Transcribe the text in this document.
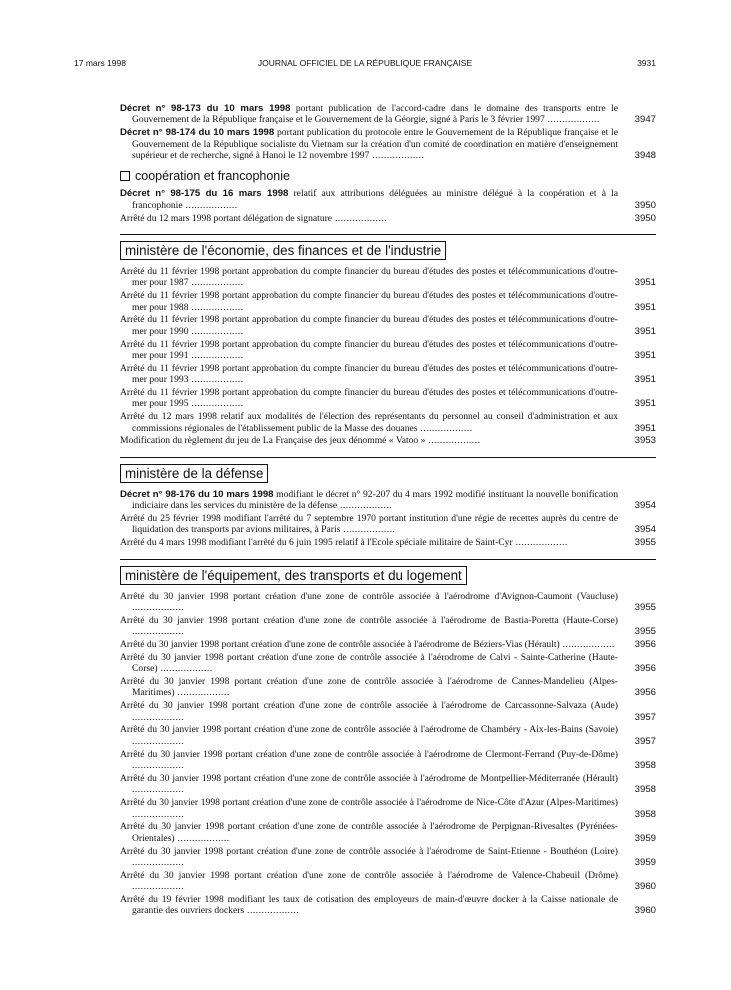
17 mars 1998	JOURNAL OFFICIEL DE LA RÉPUBLIQUE FRANÇAISE	3931
Décret n° 98-173 du 10 mars 1998 portant publication de l'accord-cadre dans le domaine des transports entre le Gouvernement de la République française et le Gouvernement de la Géorgie, signé à Paris le 3 février 1997 ..................	3947
Décret n° 98-174 du 10 mars 1998 portant publication du protocole entre le Gouvernement de la République française et le Gouvernement de la République socialiste du Vietnam sur la création d'un comité de coordination en matière d'enseignement supérieur et de recherche, signé à Hanoi le 12 novembre 1997 ..................	3948
coopération et francophonie
Décret n° 98-175 du 16 mars 1998 relatif aux attributions déléguées au ministre délégué à la coopération et à la francophonie ..................	3950
Arrêté du 12 mars 1998 portant délégation de signature ..................	3950
ministère de l'économie, des finances et de l'industrie
Arrêté du 11 février 1998 portant approbation du compte financier du bureau d'études des postes et télécommunications d'outre-mer pour 1987 ..................	3951
Arrêté du 11 février 1998 portant approbation du compte financier du bureau d'études des postes et télécommunications d'outre-mer pour 1988 ..................	3951
Arrêté du 11 février 1998 portant approbation du compte financier du bureau d'études des postes et télécommunications d'outre-mer pour 1990 ..................	3951
Arrêté du 11 février 1998 portant approbation du compte financier du bureau d'études des postes et télécommunications d'outre-mer pour 1991 ..................	3951
Arrêté du 11 février 1998 portant approbation du compte financier du bureau d'études des postes et télécommunications d'outre-mer pour 1993 ..................	3951
Arrêté du 11 février 1998 portant approbation du compte financier du bureau d'études des postes et télécommunications d'outre-mer pour 1995 ..................	3951
Arrêté du 12 mars 1998 relatif aux modalités de l'élection des représentants du personnel au conseil d'administration et aux commissions régionales de l'établissement public de la Masse des douanes ..................	3951
Modification du règlement du jeu de La Française des jeux dénommé « Vatoo » ..................	3953
ministère de la défense
Décret n° 98-176 du 10 mars 1998 modifiant le décret n° 92-207 du 4 mars 1992 modifié instituant la nouvelle bonification indiciaire dans les services du ministère de la défense ..................	3954
Arrêté du 25 février 1998 modifiant l'arrêté du 7 septembre 1970 portant institution d'une régie de recettes auprès du centre de liquidation des transports par avions militaires, à Paris ..................	3954
Arrêté du 4 mars 1998 modifiant l'arrêté du 6 juin 1995 relatif à l'Ecole spéciale militaire de Saint-Cyr ..................	3955
ministère de l'équipement, des transports et du logement
Arrêté du 30 janvier 1998 portant création d'une zone de contrôle associée à l'aérodrome d'Avignon-Caumont (Vaucluse) ..................	3955
Arrêté du 30 janvier 1998 portant création d'une zone de contrôle associée à l'aérodrome de Bastia-Poretta (Haute-Corse) ..................	3955
Arrêté du 30 janvier 1998 portant création d'une zone de contrôle associée à l'aérodrome de Béziers-Vias (Hérault) ..................	3956
Arrêté du 30 janvier 1998 portant création d'une zone de contrôle associée à l'aérodrome de Calvi - Sainte-Catherine (Haute-Corse) ..................	3956
Arrêté du 30 janvier 1998 portant création d'une zone de contrôle associée à l'aérodrome de Cannes-Mandelieu (Alpes-Maritimes) ..................	3956
Arrêté du 30 janvier 1998 portant création d'une zone de contrôle associée à l'aérodrome de Carcassonne-Salvaza (Aude) ..................	3957
Arrêté du 30 janvier 1998 portant création d'une zone de contrôle associée à l'aérodrome de Chambéry - Aix-les-Bains (Savoie) ..................	3957
Arrêté du 30 janvier 1998 portant création d'une zone de contrôle associée à l'aérodrome de Clermont-Ferrand (Puy-de-Dôme) ..................	3958
Arrêté du 30 janvier 1998 portant création d'une zone de contrôle associée à l'aérodrome de Montpellier-Méditerranée (Hérault) ..................	3958
Arrêté du 30 janvier 1998 portant création d'une zone de contrôle associée à l'aérodrome de Nice-Côte d'Azur (Alpes-Maritimes) ..................	3958
Arrêté du 30 janvier 1998 portant création d'une zone de contrôle associée à l'aérodrome de Perpignan-Rivesaltes (Pyrénées-Orientales) ..................	3959
Arrêté du 30 janvier 1998 portant création d'une zone de contrôle associée à l'aérodrome de Saint-Etienne - Bouthéon (Loire) ..................	3959
Arrêté du 30 janvier 1998 portant création d'une zone de contrôle associée à l'aérodrome de Valence-Chabeuil (Drôme) ..................	3960
Arrêté du 19 février 1998 modifiant les taux de cotisation des employeurs de main-d'œuvre docker à la Caisse nationale de garantie des ouvriers dockers ..................	3960
